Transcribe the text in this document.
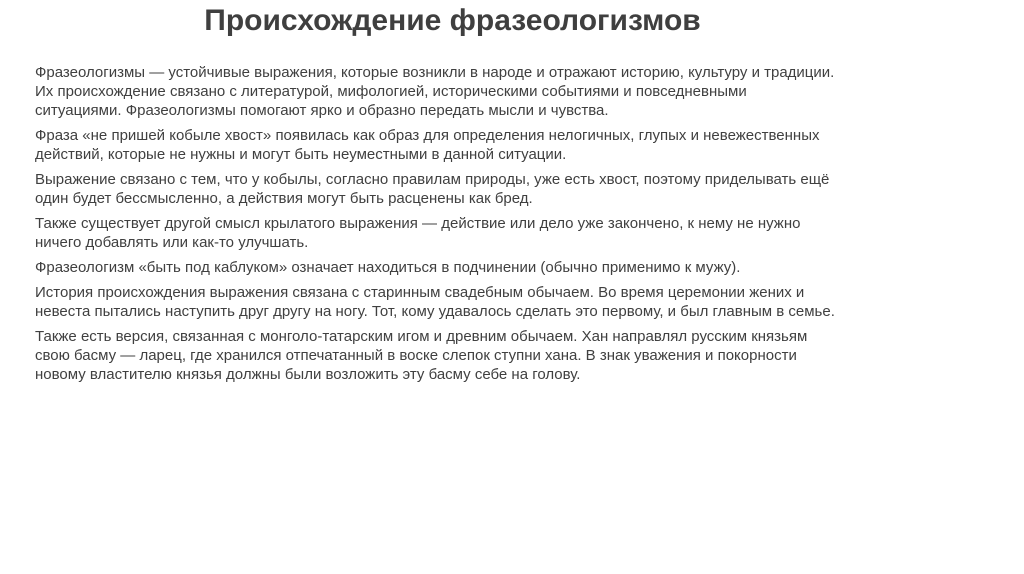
Происхождение фразеологизмов

Фразеологизмы — устойчивые выражения, которые возникли в народе и отражают историю, культуру и традиции. Их происхождение связано с литературой, мифологией, историческими событиями и повседневными ситуациями. Фразеологизмы помогают ярко и образно передать мысли и чувства.

Фраза «не пришей кобыле хвост» появилась как образ для определения нелогичных, глупых и невежественных действий, которые не нужны и могут быть неуместными в данной ситуации.

Выражение связано с тем, что у кобылы, согласно правилам природы, уже есть хвост, поэтому приделывать ещё один будет бессмысленно, а действия могут быть расценены как бред.

Также существует другой смысл крылатого выражения — действие или дело уже закончено, к нему не нужно ничего добавлять или как-то улучшать.

Фразеологизм «быть под каблуком» означает находиться в подчинении (обычно применимо к мужу).

История происхождения выражения связана с старинным свадебным обычаем. Во время церемонии жених и невеста пытались наступить друг другу на ногу. Тот, кому удавалось сделать это первому, и был главным в семье.

Также есть версия, связанная с монголо-татарским игом и древним обычаем. Хан направлял русским князьям свою басму — ларец, где хранился отпечатанный в воске слепок ступни хана. В знак уважения и покорности новому властителю князья должны были возложить эту басму себе на голову.
